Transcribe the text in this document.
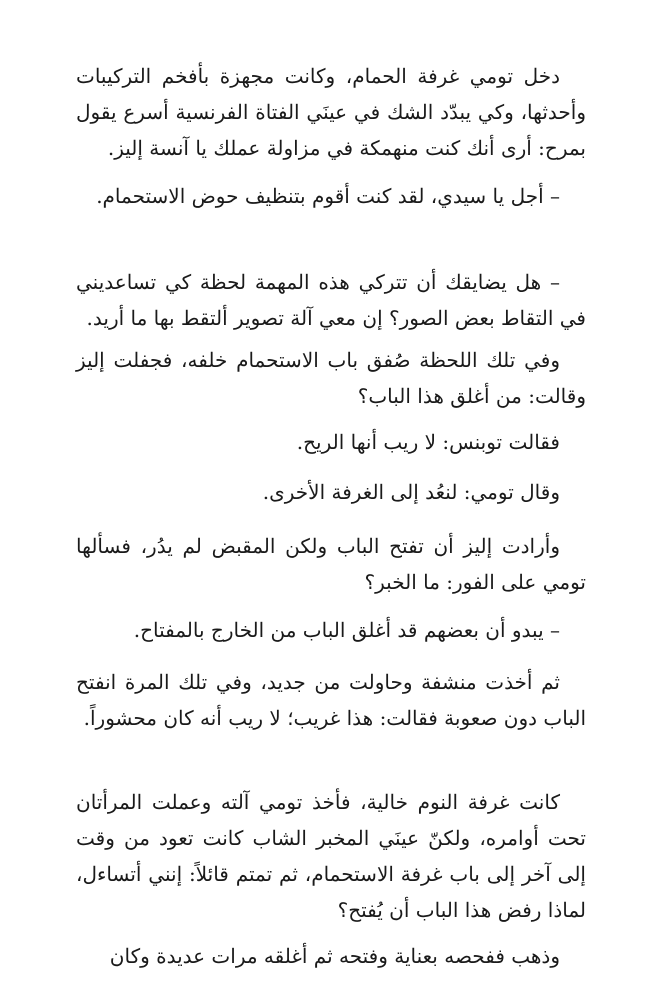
دخل تومي غرفة الحمام، وكانت مجهزة بأفخم التركيبات وأحدثها، وكي يبدّد الشك في عينَي الفتاة الفرنسية أسرع يقول بمرح: أرى أنك كنت منهمكة في مزاولة عملك يا آنسة إليز.

– أجل يا سيدي، لقد كنت أقوم بتنظيف حوض الاستحمام.

– هل يضايقك أن تتركي هذه المهمة لحظة كي تساعديني في التقاط بعض الصور؟ إن معي آلة تصوير ألتقط بها ما أريد.

وفي تلك اللحظة صُفق باب الاستحمام خلفه، فجفلت إليز وقالت: من أغلق هذا الباب؟

فقالت توبنس: لا ريب أنها الريح.

وقال تومي: لنعُد إلى الغرفة الأخرى.

وأرادت إليز أن تفتح الباب ولكن المقبض لم يدُر، فسألها تومي على الفور: ما الخبر؟

– يبدو أن بعضهم قد أغلق الباب من الخارج بالمفتاح.

ثم أخذت منشفة وحاولت من جديد، وفي تلك المرة انفتح الباب دون صعوبة فقالت: هذا غريب؛ لا ريب أنه كان محشوراً.

كانت غرفة النوم خالية، فأخذ تومي آلته وعملت المرأتان تحت أوامره، ولكنّ عينَي المخبر الشاب كانت تعود من وقت إلى آخر إلى باب غرفة الاستحمام، ثم تمتم قائلاً: إنني أتساءل، لماذا رفض هذا الباب أن يُفتح؟

وذهب ففحصه بعناية وفتحه ثم أغلقه مرات عديدة وكان
